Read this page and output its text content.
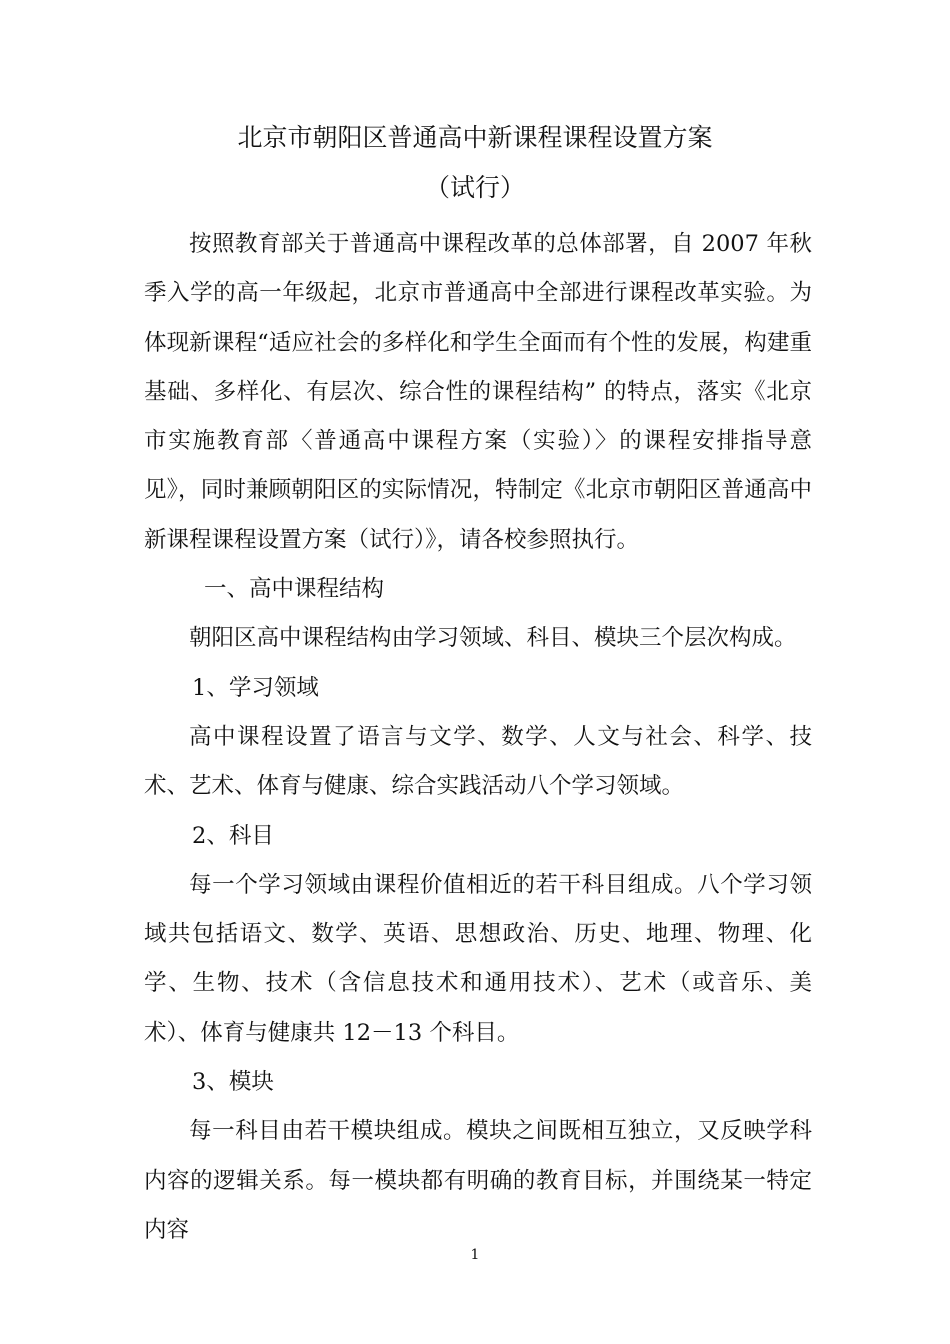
北京市朝阳区普通高中新课程课程设置方案
（试行）

按照教育部关于普通高中课程改革的总体部署，自 2007 年秋季入学的高一年级起，北京市普通高中全部进行课程改革实验。为体现新课程“适应社会的多样化和学生全面而有个性的发展，构建重基础、多样化、有层次、综合性的课程结构” 的特点，落实《北京市实施教育部〈普通高中课程方案（实验）〉的课程安排指导意见》，同时兼顾朝阳区的实际情况，特制定《北京市朝阳区普通高中新课程课程设置方案（试行）》，请各校参照执行。

一、高中课程结构

朝阳区高中课程结构由学习领域、科目、模块三个层次构成。

1、学习领域

高中课程设置了语言与文学、数学、人文与社会、科学、技术、艺术、体育与健康、综合实践活动八个学习领域。

2、科目

每一个学习领域由课程价值相近的若干科目组成。八个学习领域共包括语文、数学、英语、思想政治、历史、地理、物理、化学、生物、技术（含信息技术和通用技术）、艺术（或音乐、美术）、体育与健康共 12－13 个科目。

3、模块

每一科目由若干模块组成。模块之间既相互独立，又反映学科内容的逻辑关系。每一模块都有明确的教育目标，并围绕某一特定内容

1
